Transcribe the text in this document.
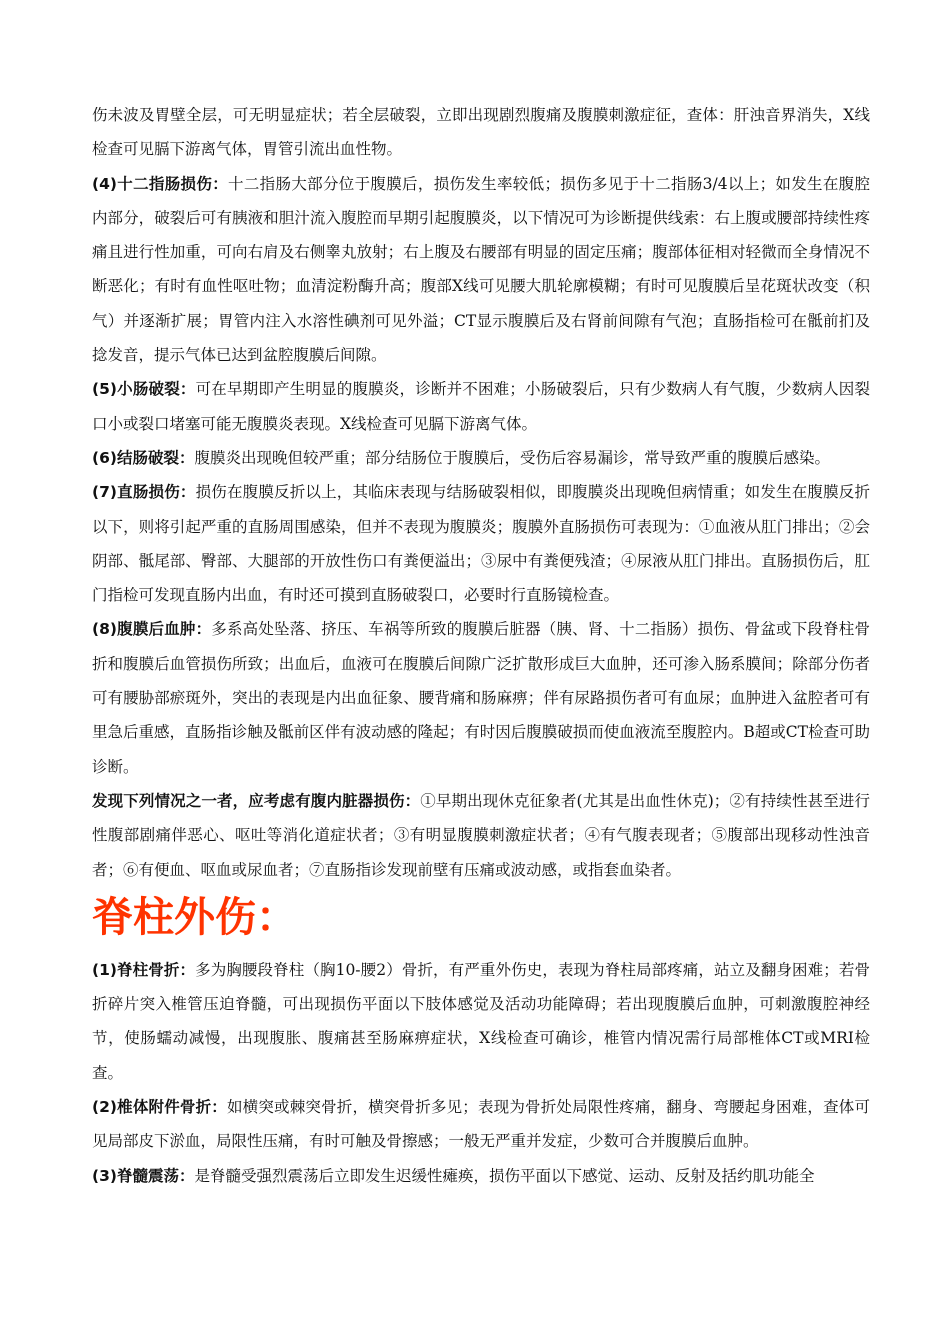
伤未波及胃壁全层，可无明显症状；若全层破裂，立即出现剧烈腹痛及腹膜刺激症征，查体：肝浊音界消失，X线检查可见膈下游离气体，胃管引流出血性物。

(4)十二指肠损伤：十二指肠大部分位于腹膜后，损伤发生率较低；损伤多见于十二指肠3/4以上；如发生在腹腔内部分，破裂后可有胰液和胆汁流入腹腔而早期引起腹膜炎，以下情况可为诊断提供线索：右上腹或腰部持续性疼痛且进行性加重，可向右肩及右侧睾丸放射；右上腹及右腰部有明显的固定压痛；腹部体征相对轻微而全身情况不断恶化；有时有血性呕吐物；血清淀粉酶升高；腹部X线可见腰大肌轮廓模糊；有时可见腹膜后呈花斑状改变（积气）并逐渐扩展；胃管内注入水溶性碘剂可见外溢；CT显示腹膜后及右肾前间隙有气泡；直肠指检可在骶前扪及捻发音，提示气体已达到盆腔腹膜后间隙。

(5)小肠破裂：可在早期即产生明显的腹膜炎，诊断并不困难；小肠破裂后，只有少数病人有气腹，少数病人因裂口小或裂口堵塞可能无腹膜炎表现。X线检查可见膈下游离气体。

(6)结肠破裂：腹膜炎出现晚但较严重；部分结肠位于腹膜后，受伤后容易漏诊，常导致严重的腹膜后感染。

(7)直肠损伤：损伤在腹膜反折以上，其临床表现与结肠破裂相似，即腹膜炎出现晚但病情重；如发生在腹膜反折以下，则将引起严重的直肠周围感染，但并不表现为腹膜炎；腹膜外直肠损伤可表现为：①血液从肛门排出；②会阴部、骶尾部、臀部、大腿部的开放性伤口有粪便溢出；③尿中有粪便残渣；④尿液从肛门排出。直肠损伤后，肛门指检可发现直肠内出血，有时还可摸到直肠破裂口，必要时行直肠镜检查。

(8)腹膜后血肿：多系高处坠落、挤压、车祸等所致的腹膜后脏器（胰、肾、十二指肠）损伤、骨盆或下段脊柱骨折和腹膜后血管损伤所致；出血后，血液可在腹膜后间隙广泛扩散形成巨大血肿，还可渗入肠系膜间；除部分伤者可有腰胁部瘀斑外，突出的表现是内出血征象、腰背痛和肠麻痹；伴有尿路损伤者可有血尿；血肿进入盆腔者可有里急后重感，直肠指诊触及骶前区伴有波动感的隆起；有时因后腹膜破损而使血液流至腹腔内。B超或CT检查可助诊断。

发现下列情况之一者，应考虑有腹内脏器损伤：①早期出现休克征象者(尤其是出血性休克)；②有持续性甚至进行性腹部剧痛伴恶心、呕吐等消化道症状者；③有明显腹膜刺激症状者；④有气腹表现者；⑤腹部出现移动性浊音者；⑥有便血、呕血或尿血者；⑦直肠指诊发现前壁有压痛或波动感，或指套血染者。

脊柱外伤：

(1)脊柱骨折：多为胸腰段脊柱（胸10-腰2）骨折，有严重外伤史，表现为脊柱局部疼痛，站立及翻身困难；若骨折碎片突入椎管压迫脊髓，可出现损伤平面以下肢体感觉及活动功能障碍；若出现腹膜后血肿，可刺激腹腔神经节，使肠蠕动减慢，出现腹胀、腹痛甚至肠麻痹症状，X线检查可确诊，椎管内情况需行局部椎体CT或MRI检查。

(2)椎体附件骨折：如横突或棘突骨折，横突骨折多见；表现为骨折处局限性疼痛，翻身、弯腰起身困难，查体可见局部皮下淤血，局限性压痛，有时可触及骨擦感；一般无严重并发症，少数可合并腹膜后血肿。

(3)脊髓震荡：是脊髓受强烈震荡后立即发生迟缓性瘫痪，损伤平面以下感觉、运动、反射及括约肌功能全
